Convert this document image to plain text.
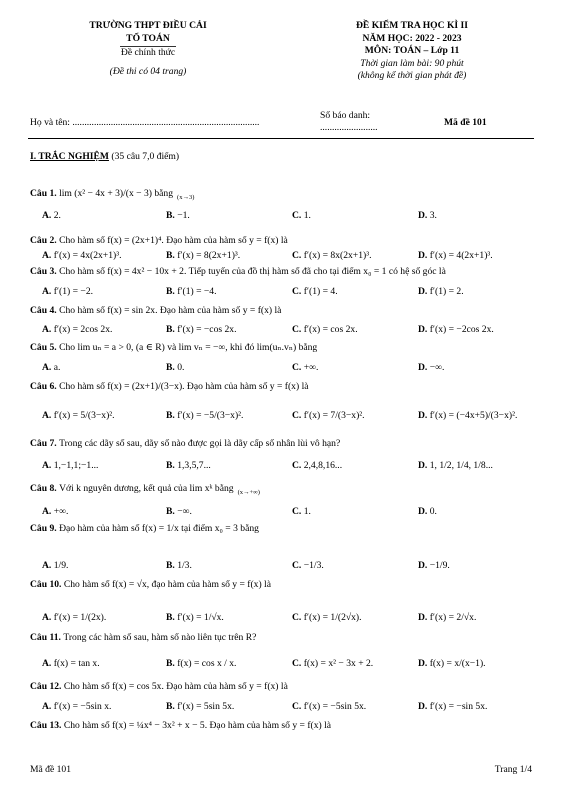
TRƯỜNG THPT ĐIỀU CẢI
TỔ TOÁN
Đề chính thức
(Đề thi có 04 trang)
ĐỀ KIỂM TRA HỌC KÌ II
NĂM HỌC: 2022 - 2023
MÔN: TOÁN – Lớp 11
Thời gian làm bài: 90 phút
(không kể thời gian phát đề)
Họ và tên: ..............................................................................
Số báo danh:
........................	Mã đề 101
I. TRẮC NGHIỆM (35 câu 7,0 điểm)
Câu 1. lim (x² − 4x + 3)/(x − 3) bằng $_{(x\to 3)}$
A. 2.	B. −1.	C. 1.	D. 3.
Câu 2. Cho hàm số f(x) = (2x+1)⁴. Đạo hàm của hàm số y = f(x) là
A. f′(x) = 4x(2x+1)³.	B. f′(x) = 8(2x+1)³.	C. f′(x) = 8x(2x+1)³.	D. f′(x) = 4(2x+1)³.
Câu 3. Cho hàm số f(x) = 4x² − 10x + 2. Tiếp tuyến của đồ thị hàm số đã cho tại điểm x₀ = 1 có hệ số góc là
A. f′(1) = −2.	B. f′(1) = −4.	C. f′(1) = 4.	D. f′(1) = 2.
Câu 4. Cho hàm số f(x) = sin 2x. Đạo hàm của hàm số y = f(x) là
A. f′(x) = 2cos 2x.	B. f′(x) = −cos 2x.	C. f′(x) = cos 2x.	D. f′(x) = −2cos 2x.
Câu 5. Cho lim uₙ = a > 0, (a ∈ R) và lim vₙ = −∞, khi đó lim(uₙ.vₙ) bằng
A. a.	B. 0.	C. +∞.	D. −∞.
Câu 6. Cho hàm số f(x) = (2x+1)/(3−x). Đạo hàm của hàm số y = f(x) là
A. f′(x) = 5/(3−x)².	B. f′(x) = −5/(3−x)².	C. f′(x) = 7/(3−x)².	D. f′(x) = (−4x+5)/(3−x)².
Câu 7. Trong các dãy số sau, dãy số nào được gọi là dãy cấp số nhân lùi vô hạn?
A. 1,−1,1;−1...	B. 1,3,5,7...	C. 2,4,8,16...	D. 1, 1/2, 1/4, 1/8...
Câu 8. Với k nguyên dương, kết quả của lim xᵏ bằng $_{(x\to+\infty)}$
A. +∞.	B. −∞.	C. 1.	D. 0.
Câu 9. Đạo hàm của hàm số f(x) = 1/x tại điểm x₀ = 3 bằng
A. 1/9.	B. 1/3.	C. −1/3.	D. −1/9.
Câu 10. Cho hàm số f(x) = √x, đạo hàm của hàm số y = f(x) là
A. f′(x) = 1/(2x).	B. f′(x) = 1/√x.	C. f′(x) = 1/(2√x).	D. f′(x) = 2/√x.
Câu 11. Trong các hàm số sau, hàm số nào liên tục trên R?
A. f(x) = tan x.	B. f(x) = cos x / x.	C. f(x) = x² − 3x + 2.	D. f(x) = x/(x−1).
Câu 12. Cho hàm số f(x) = cos 5x. Đạo hàm của hàm số y = f(x) là
A. f′(x) = −5sin x.	B. f′(x) = 5sin 5x.	C. f′(x) = −5sin 5x.	D. f′(x) = −sin 5x.
Câu 13. Cho hàm số f(x) = ¼x⁴ − 3x² + x − 5. Đạo hàm của hàm số y = f(x) là
Mã đề 101	Trang 1/4
